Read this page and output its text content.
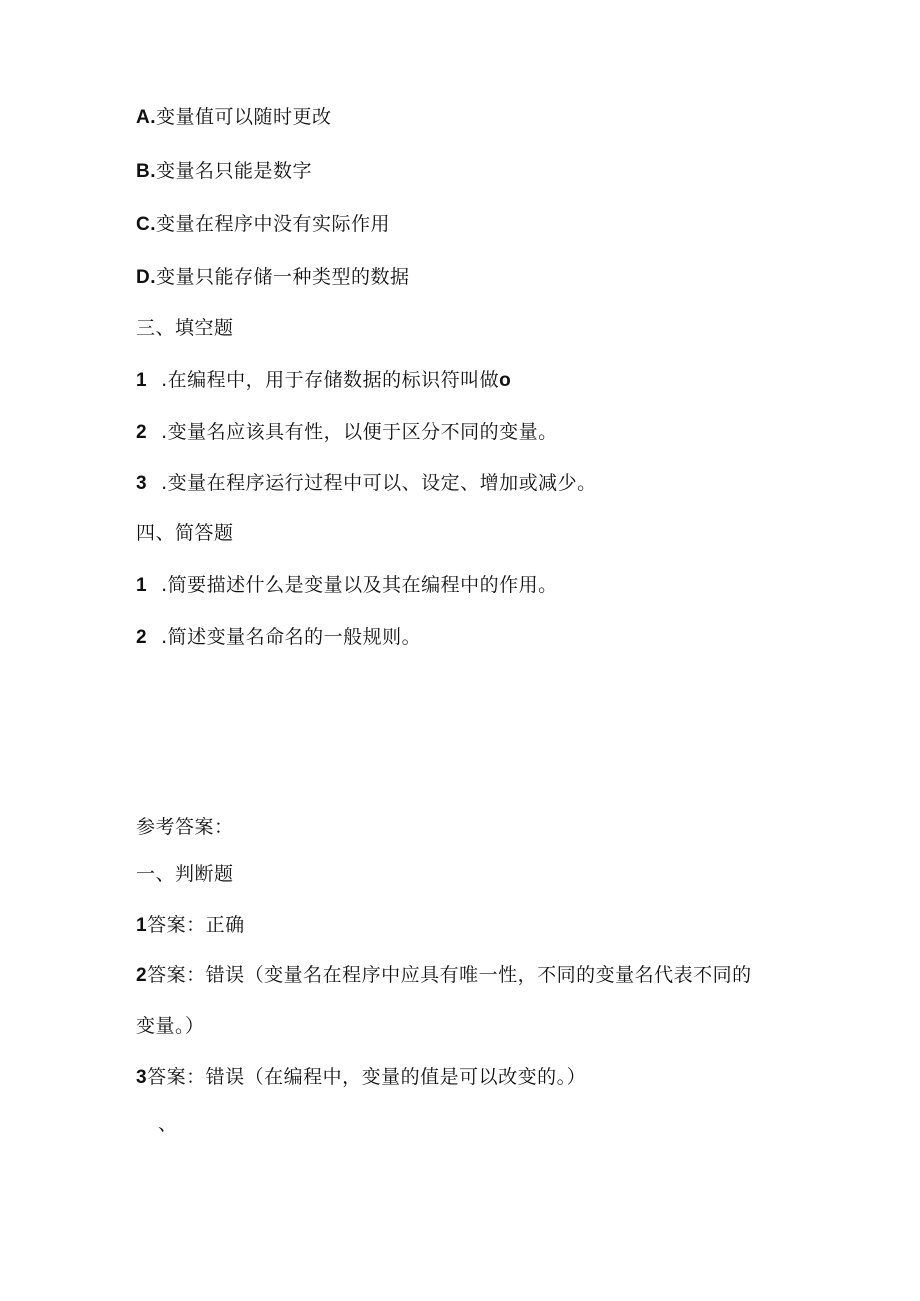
A.变量值可以随时更改
B.变量名只能是数字
C.变量在程序中没有实际作用
D.变量只能存储一种类型的数据
三、填空题
1 .在编程中，用于存储数据的标识符叫做o
2 .变量名应该具有性，以便于区分不同的变量。
3 .变量在程序运行过程中可以、设定、增加或减少。
四、简答题
1 .简要描述什么是变量以及其在编程中的作用。
2 .简述变量名命名的一般规则。
参考答案：
一、判断题
1答案：正确
2答案：错误（变量名在程序中应具有唯一性，不同的变量名代表不同的
变量。）
3答案：错误（在编程中，变量的值是可以改变的。）
、
